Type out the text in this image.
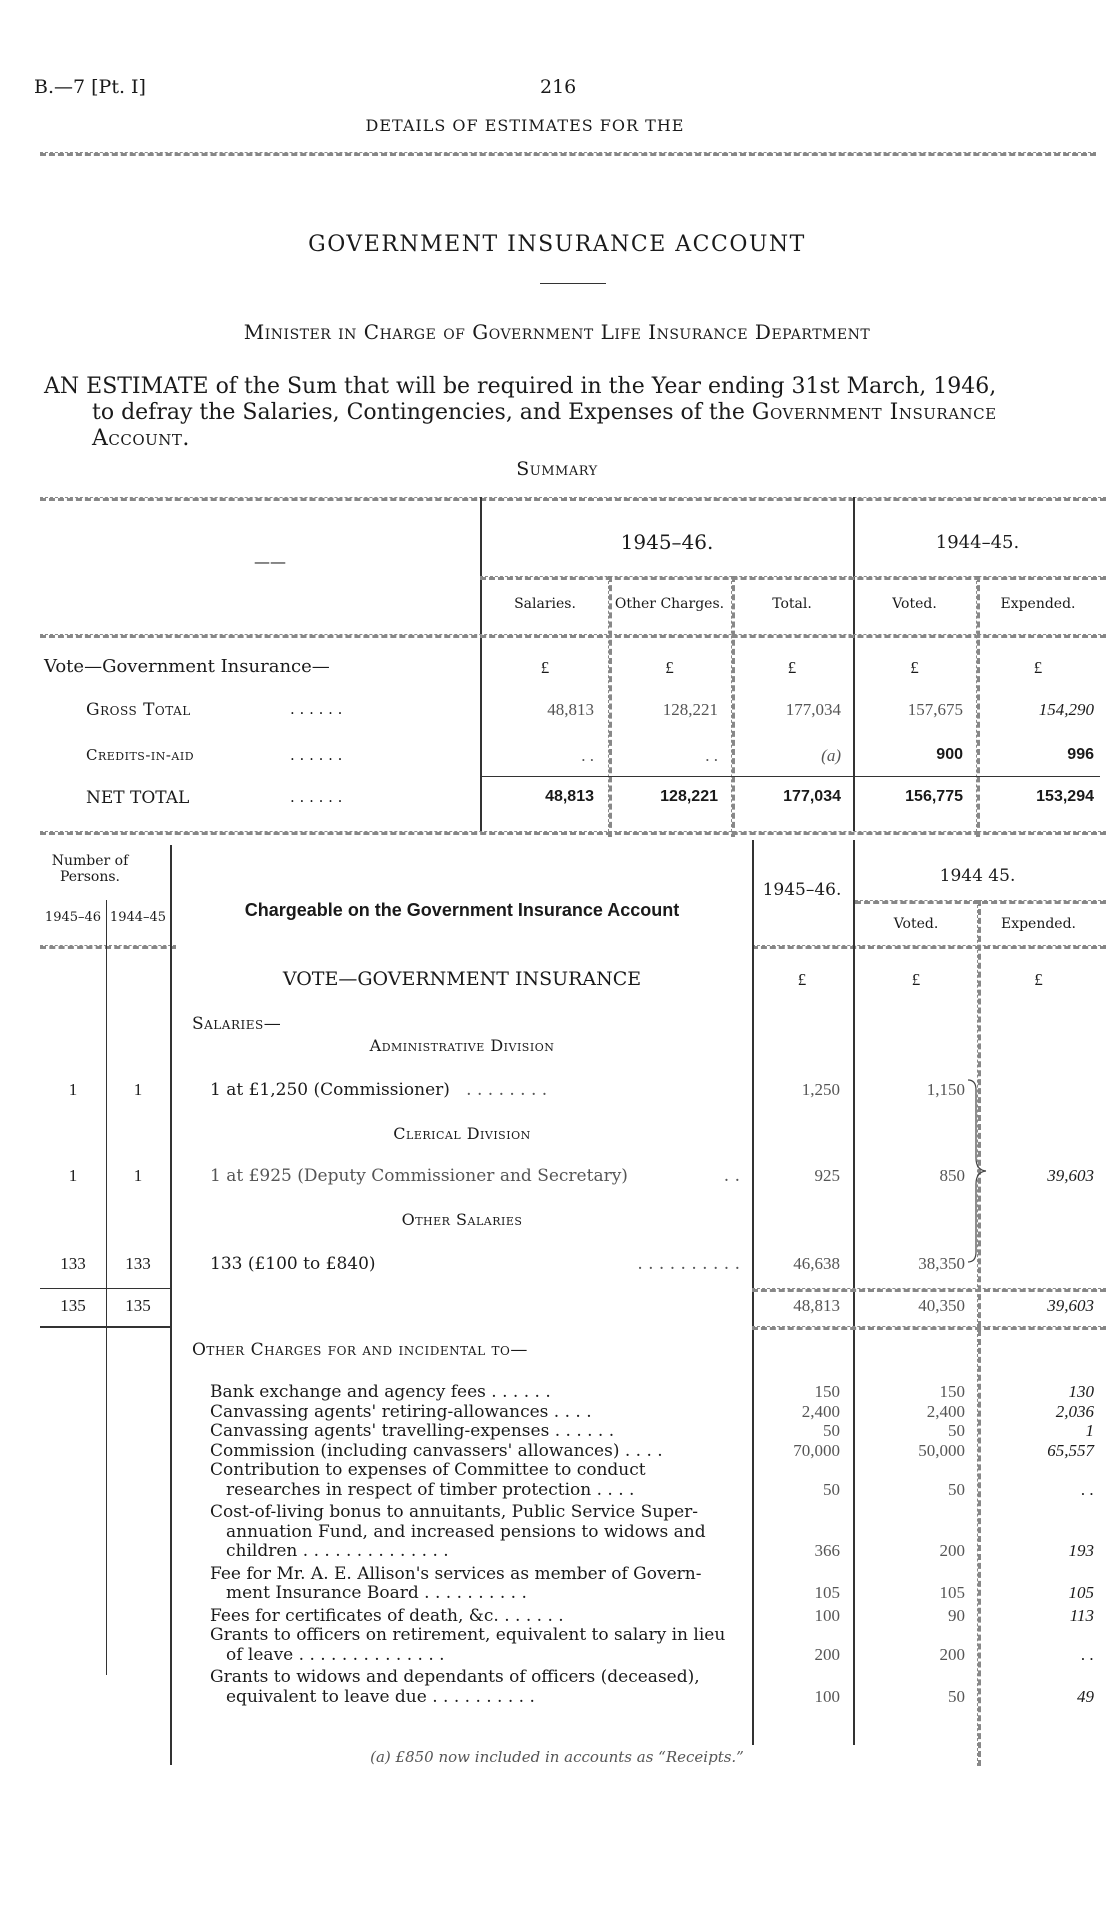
B.—7 [Pt. I]	216
DETAILS OF ESTIMATES FOR THE
GOVERNMENT INSURANCE ACCOUNT
Minister in Charge of Government Life Insurance Department
AN ESTIMATE of the Sum that will be required in the Year ending 31st March, 1946,
to defray the Salaries, Contingencies, and Expenses of the Government Insurance
Account.
Summary
——
1945–46.	1944–45.
Salaries.	Other Charges.	Total.	Voted.	Expended.
Vote—Government Insurance—	£	£	£	£	£
Gross Total	. . . . . .	48,813	128,221	177,034	157,675	154,290
Credits-in-aid	. . . . . .	. .	. .	(a)	900	996
NET TOTAL	. . . . . .	48,813	128,221	177,034	156,775	153,294
Number of Persons.
1945–46 1944–45	Chargeable on the Government Insurance Account
1945–46.
1944 45.
Voted.	Expended.
VOTE—GOVERNMENT INSURANCE	£	£	£
Salaries—
Administrative Division
1	1	1 at £1,250 (Commissioner) . . . . . . . .	1,250	1,150
Clerical Division
1	1	1 at £925 (Deputy Commissioner and Secretary)	. .	925	850	39,603
Other Salaries
133	133	133 (£100 to £840)	. . . . . . . . . .	46,638	38,350
135	135	48,813	40,350	39,603
Other Charges for and incidental to—
Bank exchange and agency fees . . . . . .	150	150	130
Canvassing agents' retiring-allowances . . . .	2,400	2,400	2,036
Canvassing agents' travelling-expenses . . . . . .	50	50	1
Commission (including canvassers' allowances) . . . .	70,000	50,000	65,557
Contribution to expenses of Committee to conduct
researches in respect of timber protection . . . .	50	50	. .
Cost-of-living bonus to annuitants, Public Service Super-
annuation Fund, and increased pensions to widows and
children . . . . . . . . . . . . . .	366	200	193
Fee for Mr. A. E. Allison's services as member of Govern-
ment Insurance Board . . . . . . . . . .	105	105	105
Fees for certificates of death, &c. . . . . . .	100	90	113
Grants to officers on retirement, equivalent to salary in lieu
of leave . . . . . . . . . . . . . .	200	200	. .
Grants to widows and dependants of officers (deceased),
equivalent to leave due . . . . . . . . . .	100	50	49
(a) £850 now included in accounts as “Receipts.”
